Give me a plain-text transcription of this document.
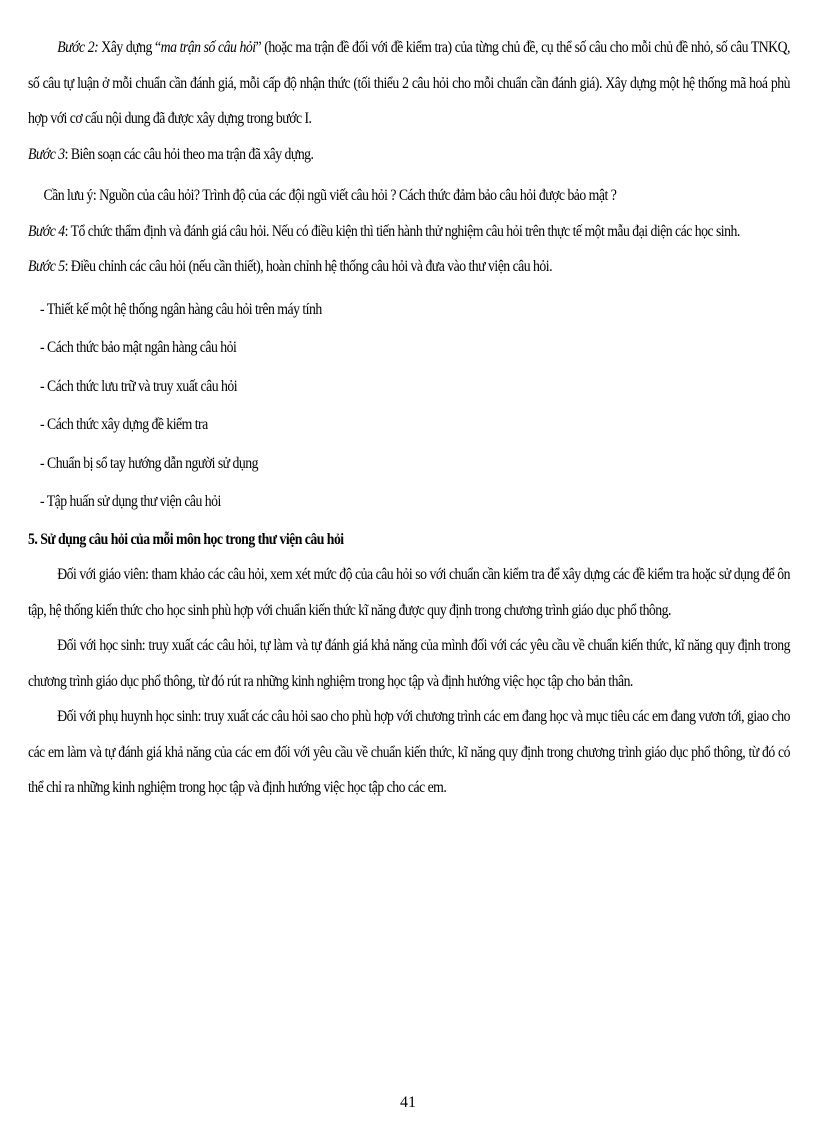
Bước 2: Xây dựng “ma trận số câu hỏi” (hoặc ma trận đề đối với đề kiểm tra) của từng chủ đề, cụ thể số câu cho mỗi chủ đề nhỏ, số câu TNKQ, số câu tự luận ở mỗi chuẩn cần đánh giá, mỗi cấp độ nhận thức (tối thiểu 2 câu hỏi cho mỗi chuẩn cần đánh giá). Xây dựng một hệ thống mã hoá phù hợp với cơ cấu nội dung đã được xây dựng trong bước I.

Bước 3: Biên soạn các câu hỏi theo ma trận đã xây dựng.

Cần lưu ý: Nguồn của câu hỏi? Trình độ của các đội ngũ viết câu hỏi ? Cách thức đảm bảo câu hỏi được bảo mật ?

Bước 4: Tổ chức thẩm định và đánh giá câu hỏi. Nếu có điều kiện thì tiến hành thử nghiệm câu hỏi trên thực tế một mẫu đại diện các học sinh.

Bước 5: Điều chỉnh các câu hỏi (nếu cần thiết), hoàn chỉnh hệ thống câu hỏi và đưa vào thư viện câu hỏi.

- Thiết kế một hệ thống ngân hàng câu hỏi trên máy tính

- Cách thức bảo mật ngân hàng câu hỏi

- Cách thức lưu trữ và truy xuất câu hỏi

- Cách thức xây dựng đề kiểm tra

- Chuẩn bị sổ tay hướng dẫn người sử dụng

- Tập huấn sử dụng thư viện câu hỏi

5. Sử dụng câu hỏi của mỗi môn học trong thư viện câu hỏi

Đối với giáo viên: tham khảo các câu hỏi, xem xét mức độ của câu hỏi so với chuẩn cần kiểm tra để xây dựng các đề kiểm tra hoặc sử dụng để ôn tập, hệ thống kiến thức cho học sinh phù hợp với chuẩn kiến thức kĩ năng được quy định trong chương trình giáo dục phổ thông.

Đối với học sinh: truy xuất các câu hỏi, tự làm và tự đánh giá khả năng của mình đối với các yêu cầu về chuẩn kiến thức, kĩ năng quy định trong chương trình giáo dục phổ thông, từ đó rút ra những kinh nghiệm trong học tập và định hướng việc học tập cho bản thân.

Đối với phụ huynh học sinh: truy xuất các câu hỏi sao cho phù hợp với chương trình các em đang học và mục tiêu các em đang vươn tới, giao cho các em làm và tự đánh giá khả năng của các em đối với yêu cầu về chuẩn kiến thức, kĩ năng quy định trong chương trình giáo dục phổ thông, từ đó có thể chỉ ra những kinh nghiệm trong học tập và định hướng việc học tập cho các em.

41
